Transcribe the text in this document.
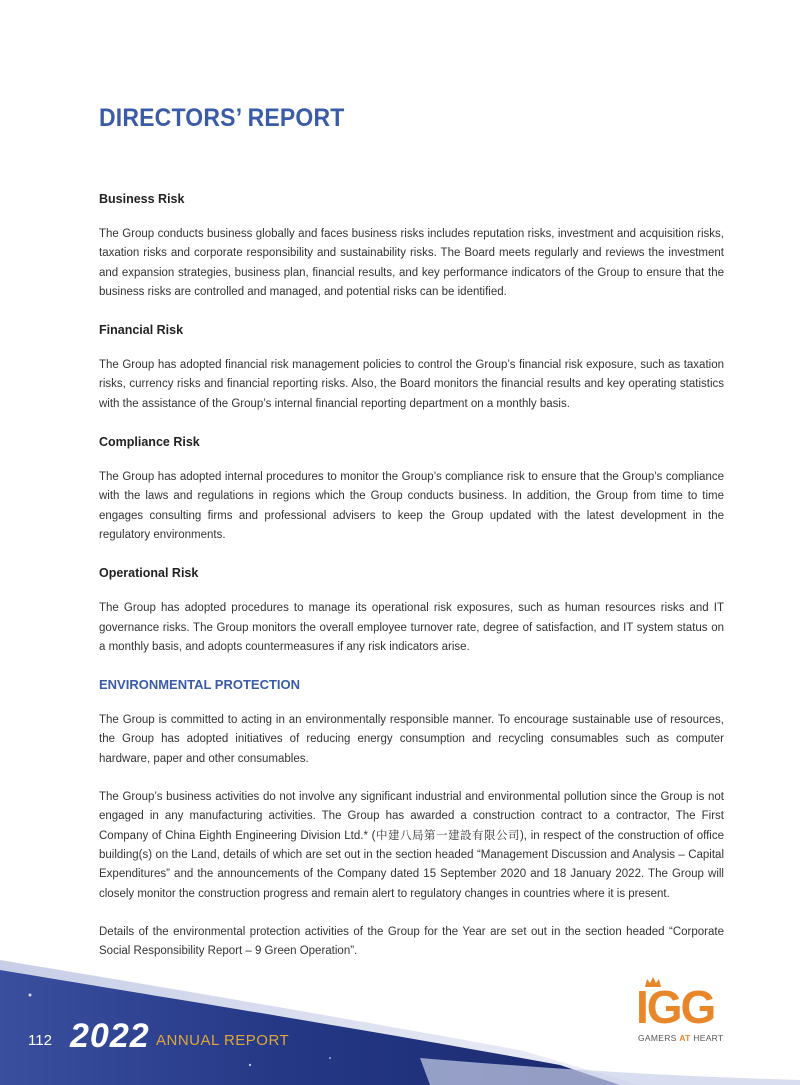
DIRECTORS’ REPORT
Business Risk

The Group conducts business globally and faces business risks includes reputation risks, investment and acquisition risks, taxation risks and corporate responsibility and sustainability risks. The Board meets regularly and reviews the investment and expansion strategies, business plan, financial results, and key performance indicators of the Group to ensure that the business risks are controlled and managed, and potential risks can be identified.

Financial Risk

The Group has adopted financial risk management policies to control the Group’s financial risk exposure, such as taxation risks, currency risks and financial reporting risks. Also, the Board monitors the financial results and key operating statistics with the assistance of the Group’s internal financial reporting department on a monthly basis.

Compliance Risk

The Group has adopted internal procedures to monitor the Group’s compliance risk to ensure that the Group’s compliance with the laws and regulations in regions which the Group conducts business. In addition, the Group from time to time engages consulting firms and professional advisers to keep the Group updated with the latest development in the regulatory environments.

Operational Risk

The Group has adopted procedures to manage its operational risk exposures, such as human resources risks and IT governance risks. The Group monitors the overall employee turnover rate, degree of satisfaction, and IT system status on a monthly basis, and adopts countermeasures if any risk indicators arise.

ENVIRONMENTAL PROTECTION

The Group is committed to acting in an environmentally responsible manner. To encourage sustainable use of resources, the Group has adopted initiatives of reducing energy consumption and recycling consumables such as computer hardware, paper and other consumables.

The Group’s business activities do not involve any significant industrial and environmental pollution since the Group is not engaged in any manufacturing activities. The Group has awarded a construction contract to a contractor, The First Company of China Eighth Engineering Division Ltd.* (中建八局第一建設有限公司), in respect of the construction of office building(s) on the Land, details of which are set out in the section headed “Management Discussion and Analysis – Capital Expenditures” and the announcements of the Company dated 15 September 2020 and 18 January 2022. The Group will closely monitor the construction progress and remain alert to regulatory changes in countries where it is present.

Details of the environmental protection activities of the Group for the Year are set out in the section headed “Corporate Social Responsibility Report – 9 Green Operation”.

112 2022 ANNUAL REPORT
IGG
GAMERS AT HEART
